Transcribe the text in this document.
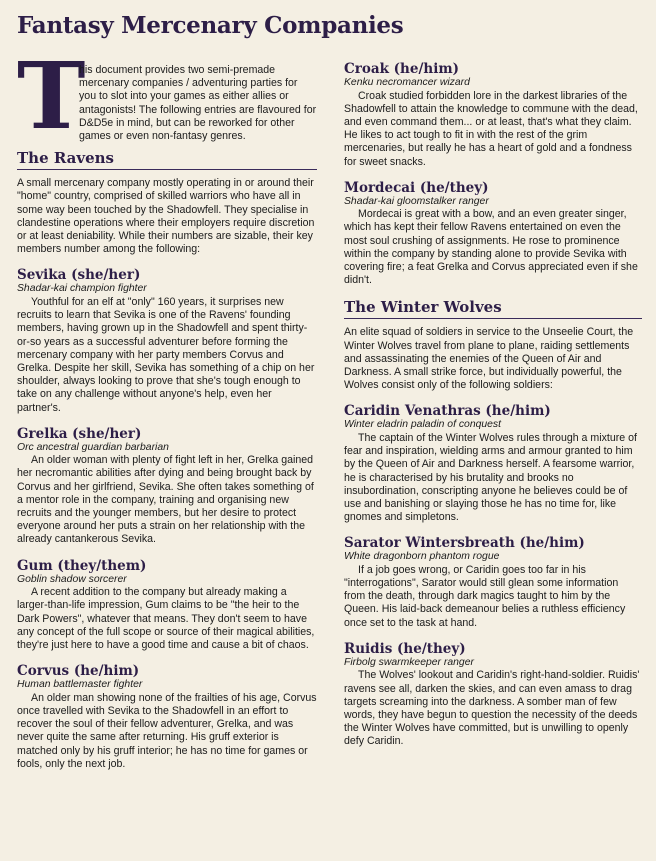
Fantasy Mercenary Companies
T

his document provides two semi-premade mercenary companies / adventuring parties for you to slot into your games as either allies or antagonists! The following entries are flavoured for D&D5e in mind, but can be reworked for other games or even non-fantasy genres.

The Ravens

A small mercenary company mostly operating in or around their "home" country, comprised of skilled warriors who have all in some way been touched by the Shadowfell. They specialise in clandestine operations where their employers require discretion or at least deniability. While their numbers are sizable, their key members number among the following:

Sevika (she/her)

Shadar-kai champion fighter

Youthful for an elf at "only" 160 years, it surprises new recruits to learn that Sevika is one of the Ravens' founding members, having grown up in the Shadowfell and spent thirty-or-so years as a successful adventurer before forming the mercenary company with her party members Corvus and Grelka. Despite her skill, Sevika has something of a chip on her shoulder, always looking to prove that she's tough enough to take on any challenge without anyone's help, even her partner's.

Grelka (she/her)

Orc ancestral guardian barbarian

An older woman with plenty of fight left in her, Grelka gained her necromantic abilities after dying and being brought back by Corvus and her girlfriend, Sevika. She often takes something of a mentor role in the company, training and organising new recruits and the younger members, but her desire to protect everyone around her puts a strain on her relationship with the already cantankerous Sevika.

Gum (they/them)

Goblin shadow sorcerer

A recent addition to the company but already making a larger-than-life impression, Gum claims to be "the heir to the Dark Powers", whatever that means. They don't seem to have any concept of the full scope or source of their magical abilities, they're just here to have a good time and cause a bit of chaos.

Corvus (he/him)

Human battlemaster fighter

An older man showing none of the frailties of his age, Corvus once travelled with Sevika to the Shadowfell in an effort to recover the soul of their fellow adventurer, Grelka, and was never quite the same after returning. His gruff exterior is matched only by his gruff interior; he has no time for games or fools, only the next job.

Croak (he/him)

Kenku necromancer wizard

Croak studied forbidden lore in the darkest libraries of the Shadowfell to attain the knowledge to commune with the dead, and even command them... or at least, that's what they claim. He likes to act tough to fit in with the rest of the grim mercenaries, but really he has a heart of gold and a fondness for sweet snacks.

Mordecai (he/they)

Shadar-kai gloomstalker ranger

Mordecai is great with a bow, and an even greater singer, which has kept their fellow Ravens entertained on even the most soul crushing of assignments. He rose to prominence within the company by standing alone to provide Sevika with covering fire; a feat Grelka and Corvus appreciated even if she didn't.

The Winter Wolves

An elite squad of soldiers in service to the Unseelie Court, the Winter Wolves travel from plane to plane, raiding settlements and assassinating the enemies of the Queen of Air and Darkness. A small strike force, but individually powerful, the Wolves consist only of the following soldiers:

Caridin Venathras (he/him)

Winter eladrin paladin of conquest

The captain of the Winter Wolves rules through a mixture of fear and inspiration, wielding arms and armour granted to him by the Queen of Air and Darkness herself. A fearsome warrior, he is characterised by his brutality and brooks no insubordination, conscripting anyone he believes could be of use and banishing or slaying those he has no time for, like gnomes and simpletons.

Sarator Wintersbreath (he/him)

White dragonborn phantom rogue

If a job goes wrong, or Caridin goes too far in his "interrogations", Sarator would still glean some information from the death, through dark magics taught to him by the Queen. His laid-back demeanour belies a ruthless efficiency once set to the task at hand.

Ruidis (he/they)

Firbolg swarmkeeper ranger

The Wolves' lookout and Caridin's right-hand-soldier. Ruidis' ravens see all, darken the skies, and can even amass to drag targets screaming into the darkness. A somber man of few words, they have begun to question the necessity of the deeds the Winter Wolves have committed, but is unwilling to openly defy Caridin.
